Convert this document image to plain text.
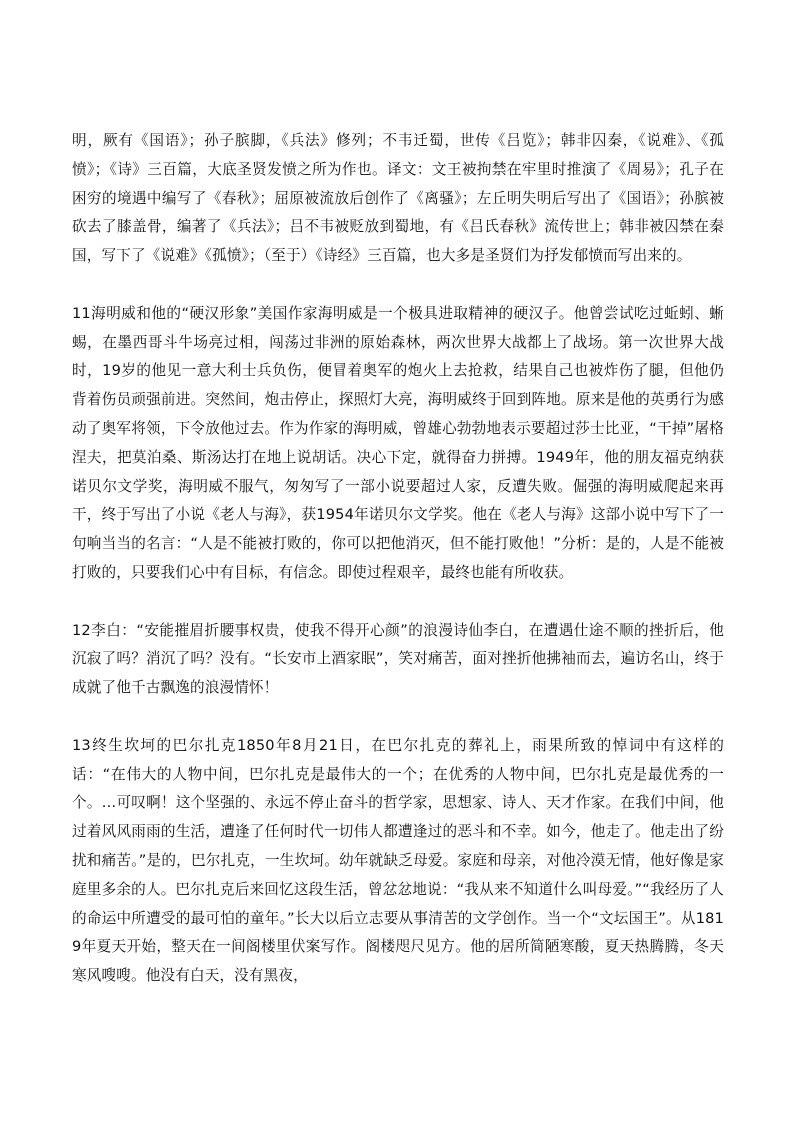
明，厥有《国语》；孙子膑脚，《兵法》修列；不韦迁蜀，世传《吕览》；韩非囚秦，《说难》、《孤愤》；《诗》三百篇，大底圣贤发愤之所为作也。译文：文王被拘禁在牢里时推演了《周易》；孔子在困穷的境遇中编写了《春秋》；屈原被流放后创作了《离骚》；左丘明失明后写出了《国语》；孙膑被砍去了膝盖骨，编著了《兵法》；吕不韦被贬放到蜀地，有《吕氏春秋》流传世上；韩非被囚禁在秦国，写下了《说难》《孤愤》；（至于）《诗经》三百篇，也大多是圣贤们为抒发郁愤而写出来的。

11海明威和他的“硬汉形象”美国作家海明威是一个极具进取精神的硬汉子。他曾尝试吃过蚯蚓、蜥蜴，在墨西哥斗牛场亮过相，闯荡过非洲的原始森林，两次世界大战都上了战场。第一次世界大战时，19岁的他见一意大利士兵负伤，便冒着奥军的炮火上去抢救，结果自己也被炸伤了腿，但他仍背着伤员顽强前进。突然间，炮击停止，探照灯大亮，海明威终于回到阵地。原来是他的英勇行为感动了奥军将领，下令放他过去。作为作家的海明威，曾雄心勃勃地表示要超过莎士比亚，“干掉”屠格涅夫，把莫泊桑、斯汤达打在地上说胡话。决心下定，就得奋力拼搏。1949年，他的朋友福克纳获诺贝尔文学奖，海明威不服气，匆匆写了一部小说要超过人家，反遭失败。倔强的海明威爬起来再干，终于写出了小说《老人与海》，获1954年诺贝尔文学奖。他在《老人与海》这部小说中写下了一句响当当的名言：“人是不能被打败的，你可以把他消灭，但不能打败他！”分析：是的，人是不能被打败的，只要我们心中有目标，有信念。即使过程艰辛，最终也能有所收获。

12李白：“安能摧眉折腰事权贵，使我不得开心颜”的浪漫诗仙李白，在遭遇仕途不顺的挫折后，他沉寂了吗？消沉了吗？没有。“长安市上酒家眠”，笑对痛苦，面对挫折他拂袖而去，遍访名山，终于成就了他千古飘逸的浪漫情怀！

13终生坎坷的巴尔扎克1850年8月21日，在巴尔扎克的葬礼上，雨果所致的悼词中有这样的话：“在伟大的人物中间，巴尔扎克是最伟大的一个；在优秀的人物中间，巴尔扎克是最优秀的一个。…可叹啊！这个坚强的、永远不停止奋斗的哲学家，思想家、诗人、天才作家。在我们中间，他过着风风雨雨的生活，遭逢了任何时代一切伟人都遭逢过的恶斗和不幸。如今，他走了。他走出了纷扰和痛苦。”是的，巴尔扎克，一生坎坷。幼年就缺乏母爱。家庭和母亲，对他冷漠无情，他好像是家庭里多余的人。巴尔扎克后来回忆这段生活，曾忿忿地说：“我从来不知道什么叫母爱。”“我经历了人的命运中所遭受的最可怕的童年。”长大以后立志要从事清苦的文学创作。当一个“文坛国王”。从1819年夏天开始，整天在一间阁楼里伏案写作。阁楼咫尺见方。他的居所简陋寒酸，夏天热腾腾，冬天寒风嗖嗖。他没有白天，没有黑夜，
